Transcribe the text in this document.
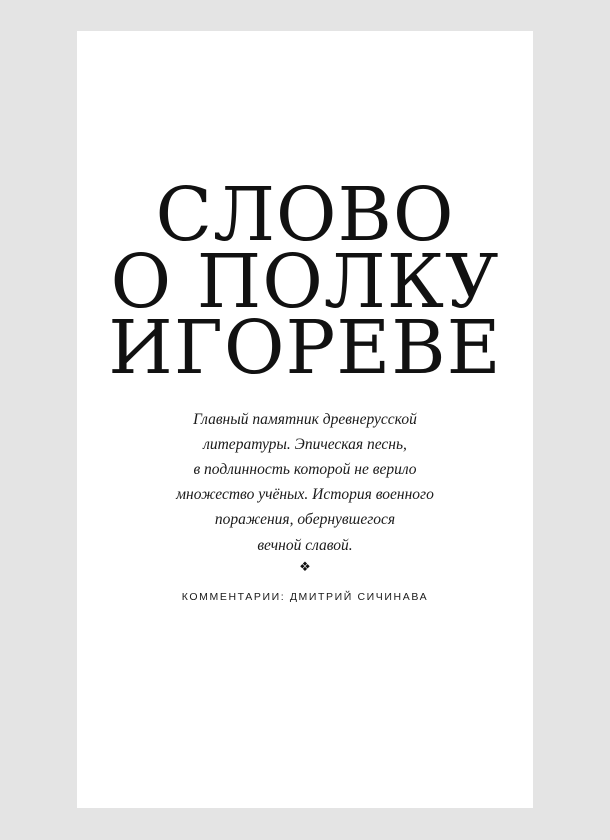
СЛОВО
О ПОЛКУ
ИГОРЕВЕ

Главный памятник древнерусской

литературы. Эпическая песнь,

в подлинность которой не верило

множество учёных. История военного

поражения, обернувшегося

вечной славой.

❖
КОММЕНТАРИИ: ДМИТРИЙ СИЧИНАВА
